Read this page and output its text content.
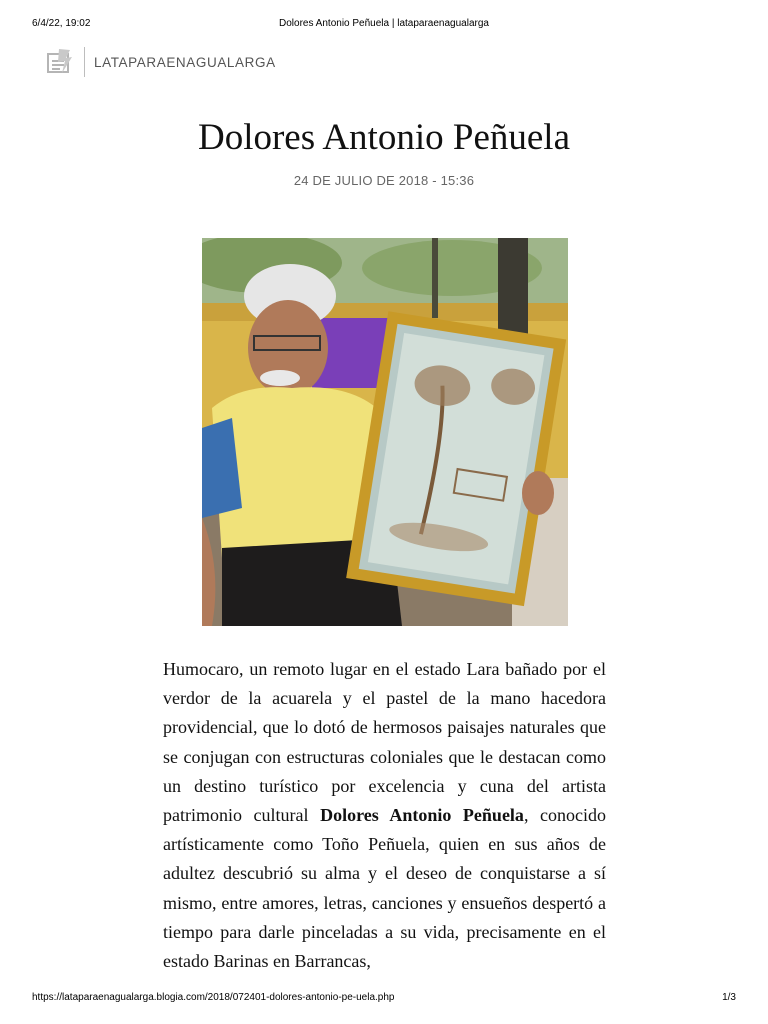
6/4/22, 19:02	Dolores Antonio Peñuela | lataparaenagualarga
LATAPARAENAGUALARGA
Dolores Antonio Peñuela
24 DE JULIO DE 2018 - 15:36

Humocaro, un remoto lugar en el estado Lara bañado por el verdor de la acuarela y el pastel de la mano hacedora providencial, que lo dotó de hermosos paisajes naturales que se conjugan con estructuras coloniales que le destacan como un destino turístico por excelencia y cuna del artista patrimonio cultural Dolores Antonio Peñuela, conocido artísticamente como Toño Peñuela, quien en sus años de adultez descubrió su alma y el deseo de conquistarse a sí mismo, entre amores, letras, canciones y ensueños despertó a tiempo para darle pinceladas a su vida, precisamente en el estado Barinas en Barrancas,

https://lataparaenagualarga.blogia.com/2018/072401-dolores-antonio-pe-uela.php	1/3
